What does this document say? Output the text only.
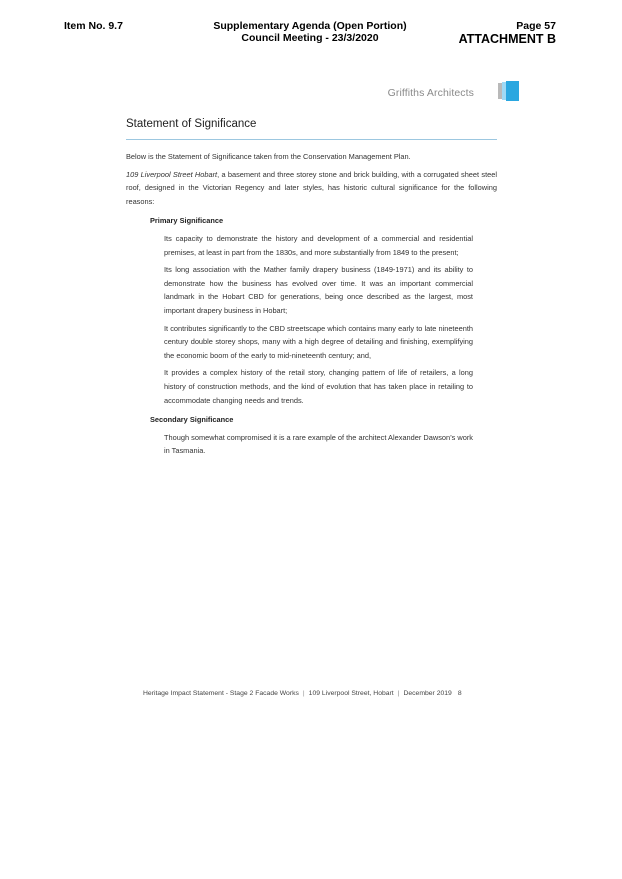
Item No. 9.7	Supplementary Agenda (Open Portion)
Council Meeting - 23/3/2020
Page 57
ATTACHMENT B
Griffiths Architects
Statement of Significance

Below is the Statement of Significance taken from the Conservation Management Plan.

109 Liverpool Street Hobart, a basement and three storey stone and brick building, with a corrugated sheet steel roof, designed in the Victorian Regency and later styles, has historic cultural significance for the following reasons:

Primary Significance

Its capacity to demonstrate the history and development of a commercial and residential premises, at least in part from the 1830s, and more substantially from 1849 to the present;

Its long association with the Mather family drapery business (1849-1971) and its ability to demonstrate how the business has evolved over time. It was an important commercial landmark in the Hobart CBD for generations, being once described as the largest, most important drapery business in Hobart;

It contributes significantly to the CBD streetscape which contains many early to late nineteenth century double storey shops, many with a high degree of detailing and finishing, exemplifying the economic boom of the early to mid-nineteenth century; and,

It provides a complex history of the retail story, changing pattern of life of retailers, a long history of construction methods, and the kind of evolution that has taken place in retailing to accommodate changing needs and trends.

Secondary Significance

Though somewhat compromised it is a rare example of the architect Alexander Dawson’s work in Tasmania.

Heritage Impact Statement - Stage 2 Facade Works | 109 Liverpool Street, Hobart | December 2019 8
